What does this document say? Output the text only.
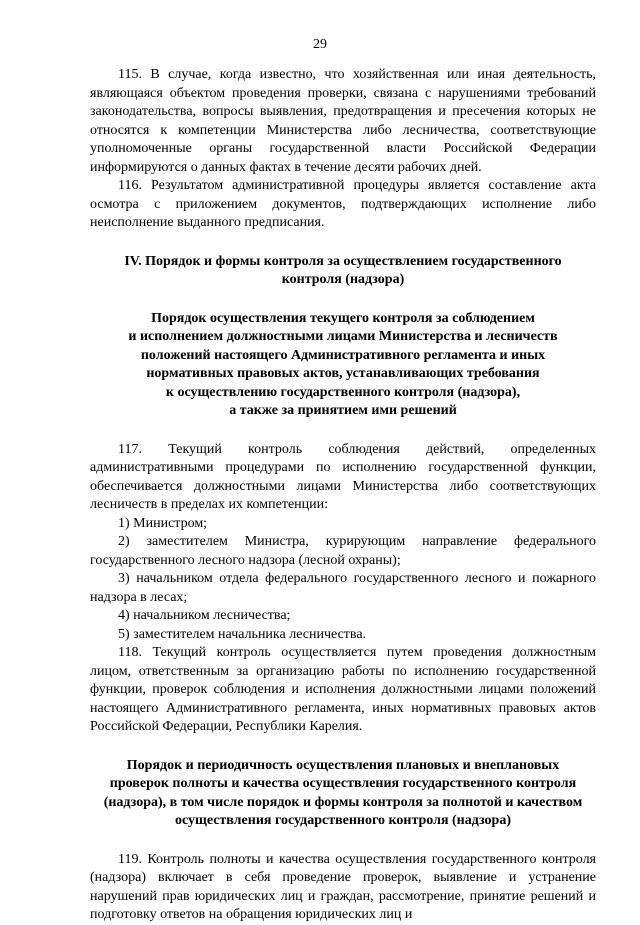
29

115. В случае, когда известно, что хозяйственная или иная деятельность, являющаяся объектом проведения проверки, связана с нарушениями требований законодательства, вопросы выявления, предотвращения и пресечения которых не относятся к компетенции Министерства либо лесничества, соответствующие уполномоченные органы государственной власти Российской Федерации информируются о данных фактах в течение десяти рабочих дней.

116. Результатом административной процедуры является составление акта осмотра с приложением документов, подтверждающих исполнение либо неисполнение выданного предписания.

IV. Порядок и формы контроля за осуществлением государственного
контроля (надзора)
Порядок осуществления текущего контроля за соблюдением
и исполнением должностными лицами Министерства и лесничеств
положений настоящего Административного регламента и иных
нормативных правовых актов, устанавливающих требования
к осуществлению государственного контроля (надзора),
а также за принятием ими решений

117. Текущий контроль соблюдения действий, определенных административными процедурами по исполнению государственной функции, обеспечивается должностными лицами Министерства либо соответствующих лесничеств в пределах их компетенции:

1) Министром;

2) заместителем Министра, курирующим направление федерального государственного лесного надзора (лесной охраны);

3) начальником отдела федерального государственного лесного и пожарного надзора в лесах;

4) начальником лесничества;

5) заместителем начальника лесничества.

118. Текущий контроль осуществляется путем проведения должностным лицом, ответственным за организацию работы по исполнению государственной функции, проверок соблюдения и исполнения должностными лицами положений настоящего Административного регламента, иных нормативных правовых актов Российской Федерации, Республики Карелия.

Порядок и периодичность осуществления плановых и внеплановых
проверок полноты и качества осуществления государственного контроля
(надзора), в том числе порядок и формы контроля за полнотой и качеством
осуществления государственного контроля (надзора)

119. Контроль полноты и качества осуществления государственного контроля (надзора) включает в себя проведение проверок, выявление и устранение нарушений прав юридических лиц и граждан, рассмотрение, принятие решений и подготовку ответов на обращения юридических лиц и
